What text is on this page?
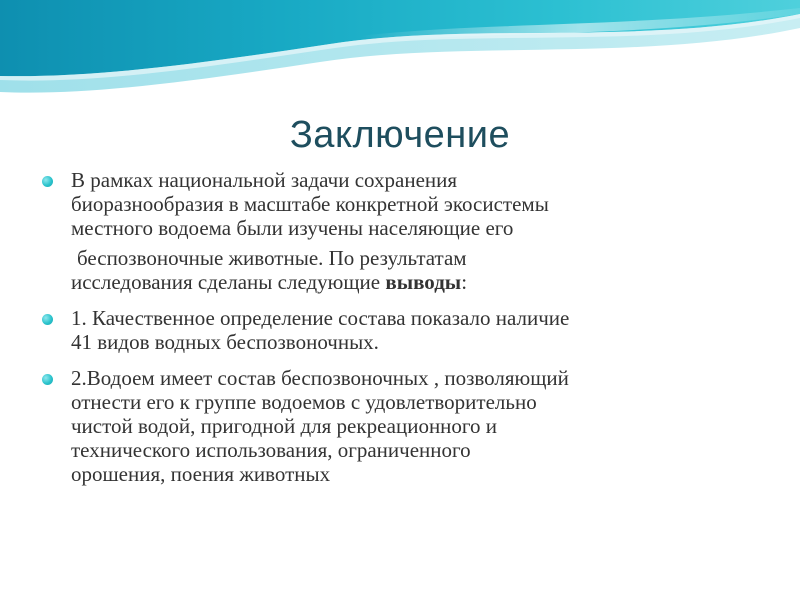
Заключение

В рамках национальной задачи сохранения
биоразнообразия в масштабе конкретной экосистемы
местного водоема были изучены населяющие его
беспозвоночные животные. По результатам
исследования сделаны следующие выводы:

1. Качественное определение состава показало наличие
41 видов водных беспозвоночных.

2.Водоем имеет состав беспозвоночных , позволяющий
отнести его к группе водоемов с удовлетворительно
чистой водой, пригодной для рекреационного и
технического использования, ограниченного
орошения, поения животных
